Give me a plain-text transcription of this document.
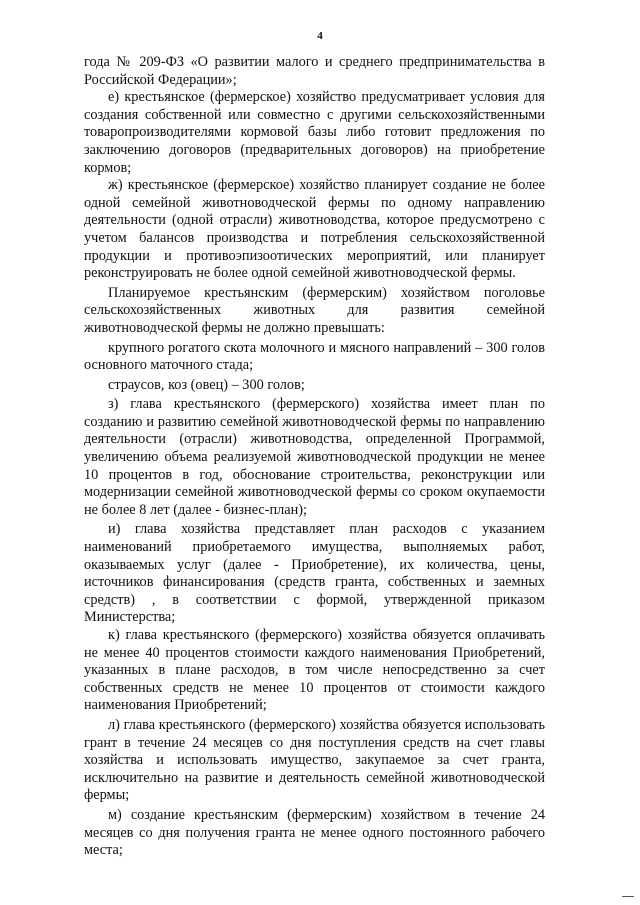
4

года № 209-ФЗ «О развитии малого и среднего предпринимательства в Российской Федерации»;

е) крестьянское (фермерское) хозяйство предусматривает условия для создания собственной или совместно с другими сельскохозяйственными товаропроизводителями кормовой базы либо готовит предложения по заключению договоров (предварительных договоров) на приобретение кормов;

ж) крестьянское (фермерское) хозяйство планирует создание не более одной семейной животноводческой фермы по одному направлению деятельности (одной отрасли) животноводства, которое предусмотрено с учетом балансов производства и потребления сельскохозяйственной продукции и противоэпизоотических мероприятий, или планирует реконструировать не более одной семейной животноводческой фермы.

Планируемое крестьянским (фермерским) хозяйством поголовье сельскохозяйственных животных для развития семейной животноводческой фермы не должно превышать:

крупного рогатого скота молочного и мясного направлений – 300 голов основного маточного стада;

страусов, коз (овец) – 300 голов;

з) глава крестьянского (фермерского) хозяйства имеет план по созданию и развитию семейной животноводческой фермы по направлению деятельности (отрасли) животноводства, определенной Программой, увеличению объема реализуемой животноводческой продукции не менее 10 процентов в год, обоснование строительства, реконструкции или модернизации семейной животноводческой фермы со сроком окупаемости не более 8 лет (далее - бизнес-план);

и) глава хозяйства представляет план расходов с указанием наименований приобретаемого имущества, выполняемых работ, оказываемых услуг (далее - Приобретение), их количества, цены, источников финансирования (средств гранта, собственных и заемных средств) , в соответствии с формой, утвержденной приказом Министерства;

к) глава крестьянского (фермерского) хозяйства обязуется оплачивать не менее 40 процентов стоимости каждого наименования Приобретений, указанных в плане расходов, в том числе непосредственно за счет собственных средств не менее 10 процентов от стоимости каждого наименования Приобретений;

л) глава крестьянского (фермерского) хозяйства обязуется использовать грант в течение 24 месяцев со дня поступления средств на счет главы хозяйства и использовать имущество, закупаемое за счет гранта, исключительно на развитие и деятельность семейной животноводческой фермы;

м) создание крестьянским (фермерским) хозяйством в течение 24 месяцев со дня получения гранта не менее одного постоянного рабочего места;
